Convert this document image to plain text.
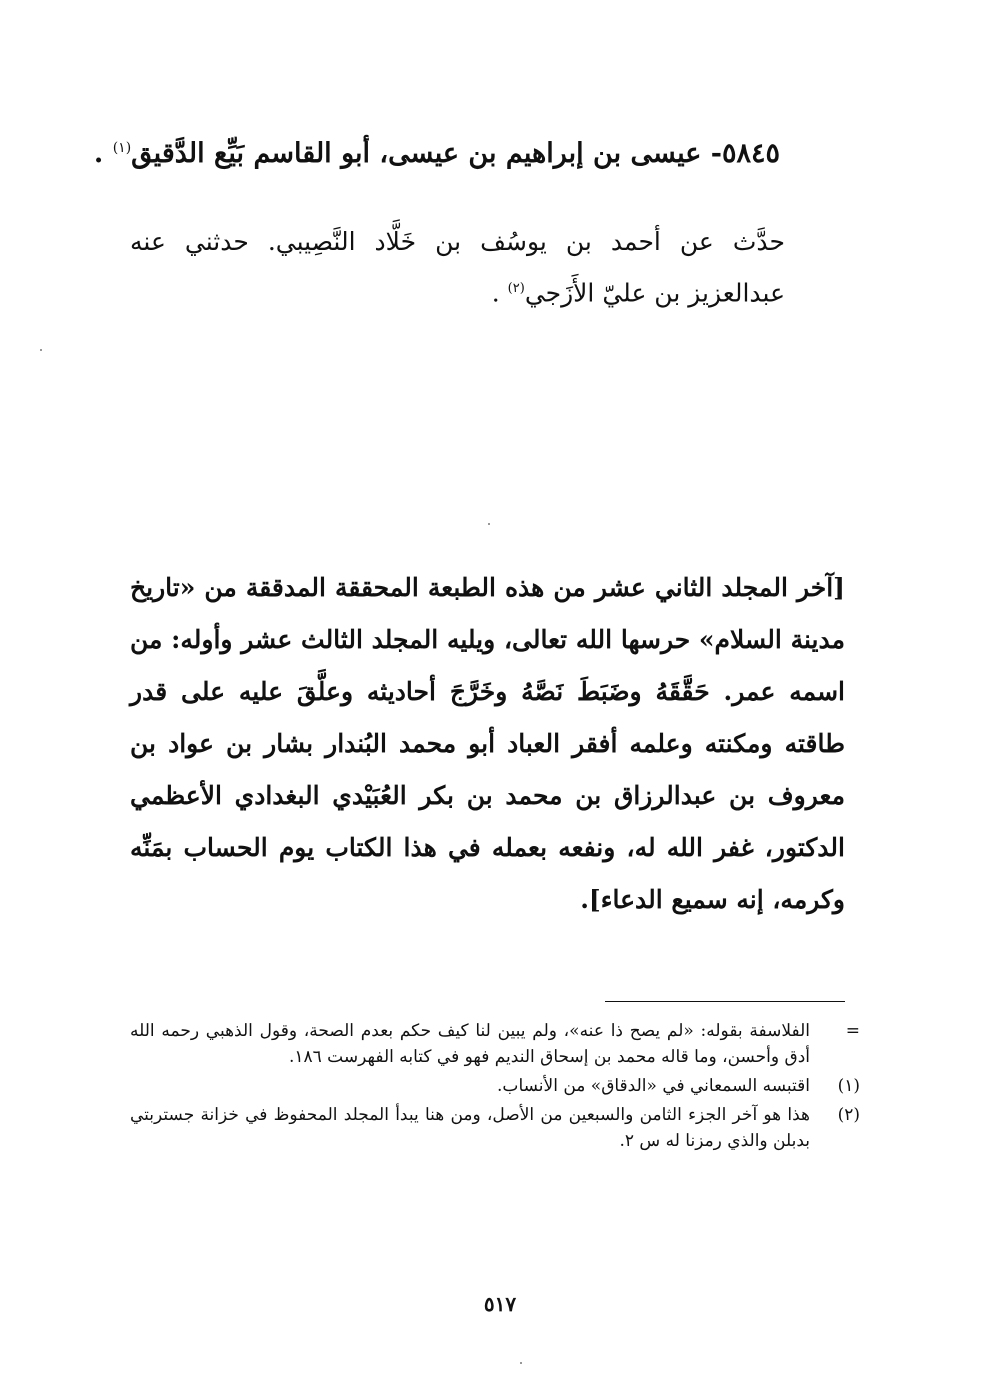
٥٨٤٥- عيسى بن إبراهيم بن عيسى، أبو القاسم بَيِّع الدَّقيق$^{(١)}$ .
حدَّث عن أحمد بن يوسُف بن خَلَّاد النَّصِيبي. حدثني عنه عبدالعزيز بن عليّ الأَزَجي$^{(٢)}$ .
[آخر المجلد الثاني عشر من هذه الطبعة المحققة المدققة من «تاريخ مدينة السلام» حرسها الله تعالى، ويليه المجلد الثالث عشر وأوله: من اسمه عمر. حَقَّقَهُ وضَبَطَ نَصَّهُ وخَرَّجَ أحاديثه وعلَّقَ عليه على قدر طاقته ومكنته وعلمه أفقر العباد أبو محمد البُندار بشار بن عواد بن معروف بن عبدالرزاق بن محمد بن بكر العُبَيْدي البغدادي الأعظمي الدكتور، غفر الله له، ونفعه بعمله في هذا الكتاب يوم الحساب بمَنِّه وكرمه، إنه سميع الدعاء].
=
الفلاسفة بقوله: «لم يصح ذا عنه»، ولم يبين لنا كيف حكم بعدم الصحة، وقول الذهبي رحمه الله أدق وأحسن، وما قاله محمد بن إسحاق النديم فهو في كتابه الفهرست ١٨٦.
(١)
اقتبسه السمعاني في «الدقاق» من الأنساب.
(٢)
هذا هو آخر الجزء الثامن والسبعين من الأصل، ومن هنا يبدأ المجلد المحفوظ في خزانة جستربتي بدبلن والذي رمزنا له س ٢.
٥١٧
